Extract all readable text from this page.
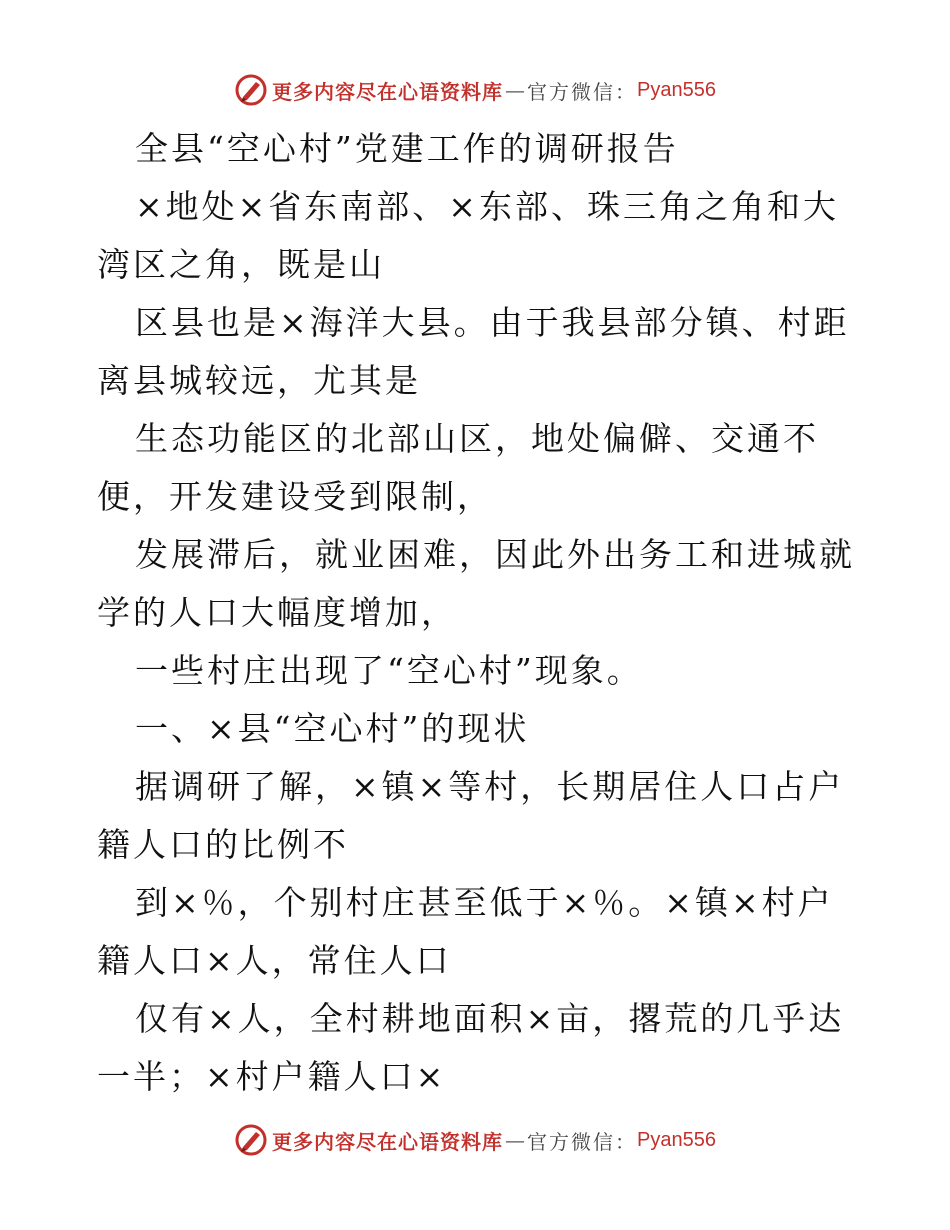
更多内容尽在心语资料库 — 官方微信： Pyan556

全县“空心村”党建工作的调研报告

×地处×省东南部、×东部、珠三角之角和大湾区之角，既是山

区县也是×海洋大县。由于我县部分镇、村距离县城较远，尤其是

生态功能区的北部山区，地处偏僻、交通不便，开发建设受到限制，

发展滞后，就业困难，因此外出务工和进城就学的人口大幅度增加，

一些村庄出现了“空心村”现象。

一、×县“空心村”的现状

据调研了解，×镇×等村，长期居住人口占户籍人口的比例不

到×％，个别村庄甚至低于×％。×镇×村户籍人口×人，常住人口

仅有×人，全村耕地面积×亩，撂荒的几乎达一半；×村户籍人口×

更多内容尽在心语资料库 — 官方微信： Pyan556
